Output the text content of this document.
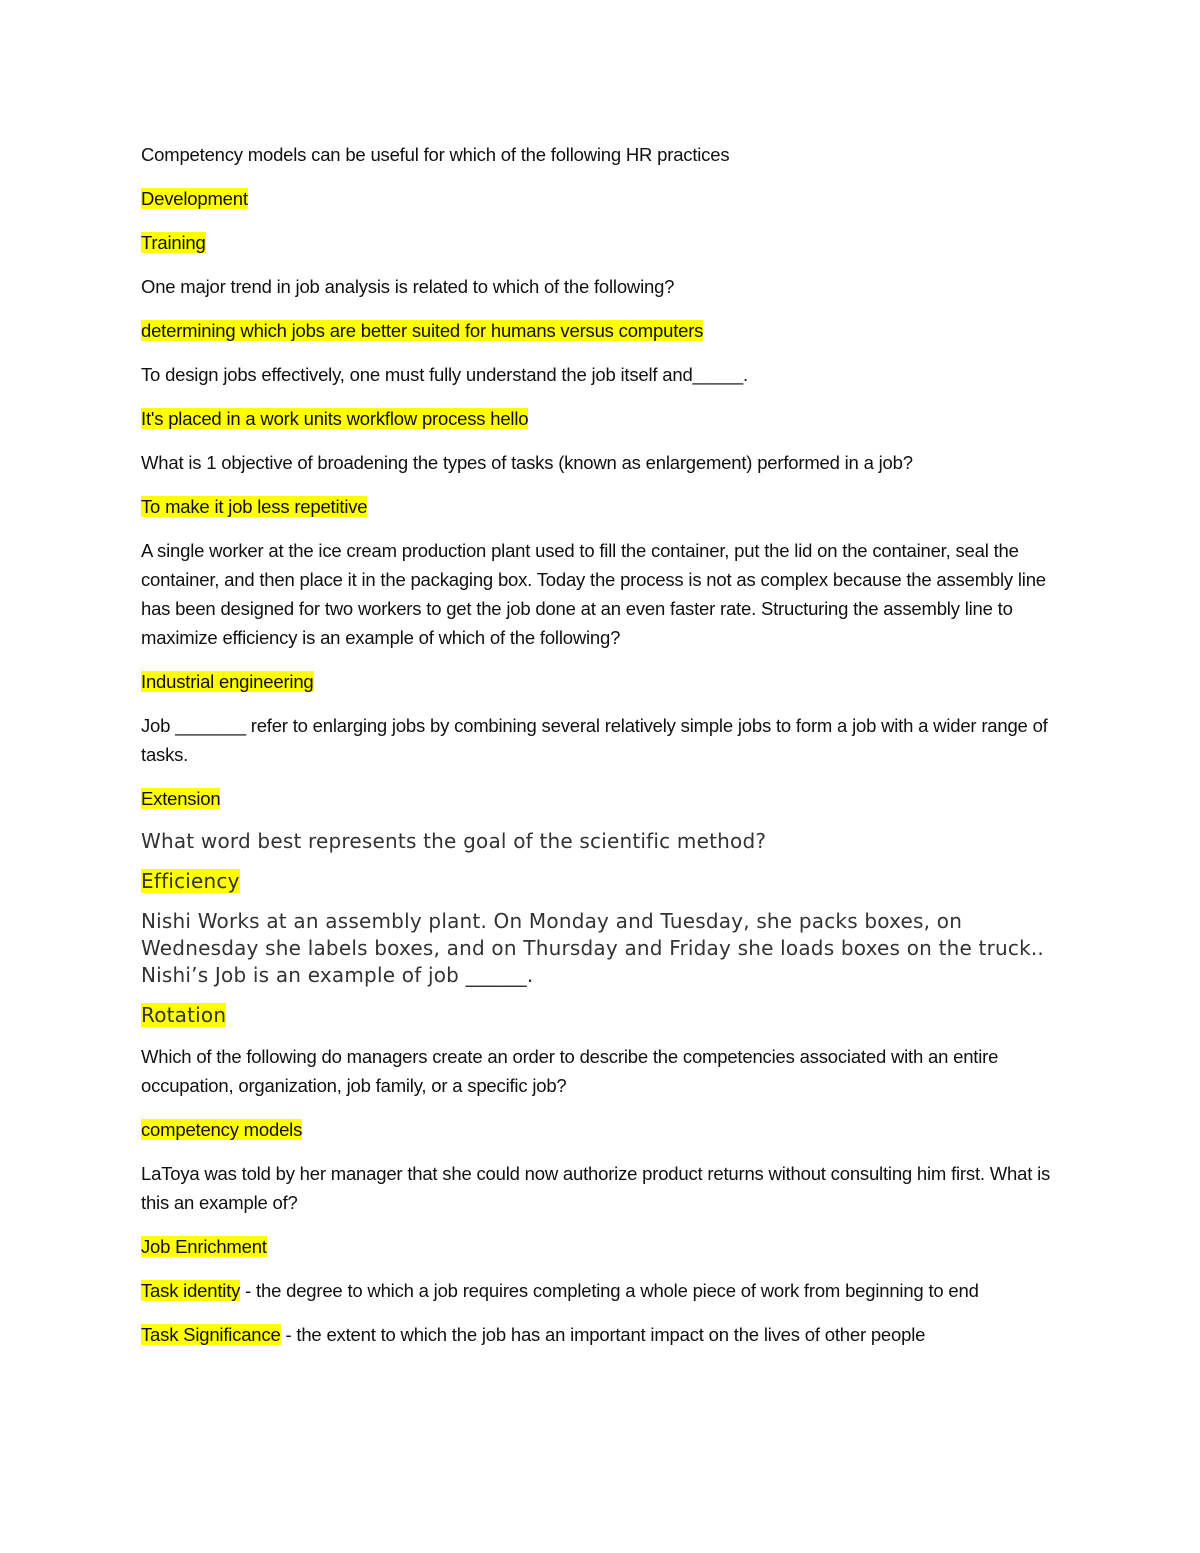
Competency models can be useful for which of the following HR practices

Development

Training

One major trend in job analysis is related to which of the following?

determining which jobs are better suited for humans versus computers

To design jobs effectively, one must fully understand the job itself and_____.

It's placed in a work units workflow process hello

What is 1 objective of broadening the types of tasks (known as enlargement) performed in a job?

To make it job less repetitive

A single worker at the ice cream production plant used to fill the container, put the lid on the container, seal the container, and then place it in the packaging box. Today the process is not as complex because the assembly line has been designed for two workers to get the job done at an even faster rate. Structuring the assembly line to maximize efficiency is an example of which of the following?

Industrial engineering

Job _______ refer to enlarging jobs by combining several relatively simple jobs to form a job with a wider range of tasks.

Extension

What word best represents the goal of the scientific method?

Efficiency

Nishi Works at an assembly plant. On Monday and Tuesday, she packs boxes, on Wednesday she labels boxes, and on Thursday and Friday she loads boxes on the truck.. Nishi’s Job is an example of job ______.

Rotation

Which of the following do managers create an order to describe the competencies associated with an entire occupation, organization, job family, or a specific job?

competency models

LaToya was told by her manager that she could now authorize product returns without consulting him first. What is this an example of?

Job Enrichment

Task identity - the degree to which a job requires completing a whole piece of work from beginning to end

Task Significance - the extent to which the job has an important impact on the lives of other people
